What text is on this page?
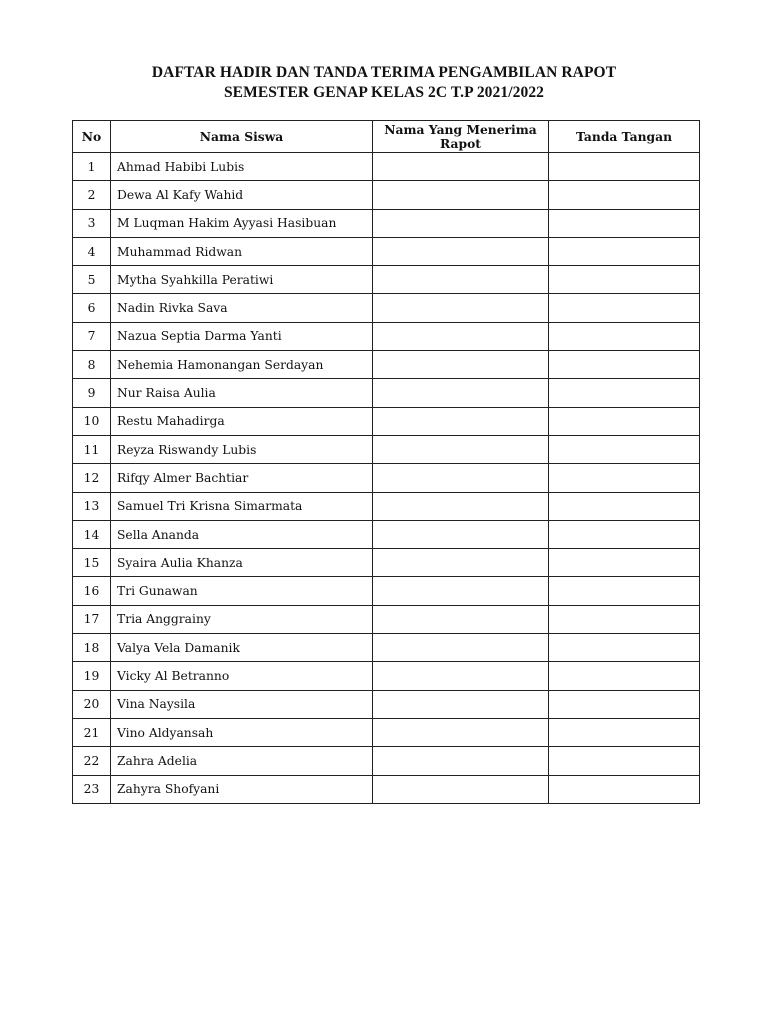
DAFTAR HADIR DAN TANDA TERIMA PENGAMBILAN RAPOT
SEMESTER GENAP KELAS 2C T.P 2021/2022
No	Nama Siswa	Nama Yang Menerima Rapot	Tanda Tangan
1	Ahmad Habibi Lubis		
2	Dewa Al Kafy Wahid		
3	M Luqman Hakim Ayyasi Hasibuan		
4	Muhammad Ridwan		
5	Mytha Syahkilla Peratiwi		
6	Nadin Rivka Sava		
7	Nazua Septia Darma Yanti		
8	Nehemia Hamonangan Serdayan		
9	Nur Raisa Aulia		
10	Restu Mahadirga		
11	Reyza Riswandy Lubis		
12	Rifqy Almer Bachtiar		
13	Samuel Tri Krisna Simarmata		
14	Sella Ananda		
15	Syaira Aulia Khanza		
16	Tri Gunawan		
17	Tria Anggrainy		
18	Valya Vela Damanik		
19	Vicky Al Betranno		
20	Vina Naysila		
21	Vino Aldyansah		
22	Zahra Adelia		
23	Zahyra Shofyani		
